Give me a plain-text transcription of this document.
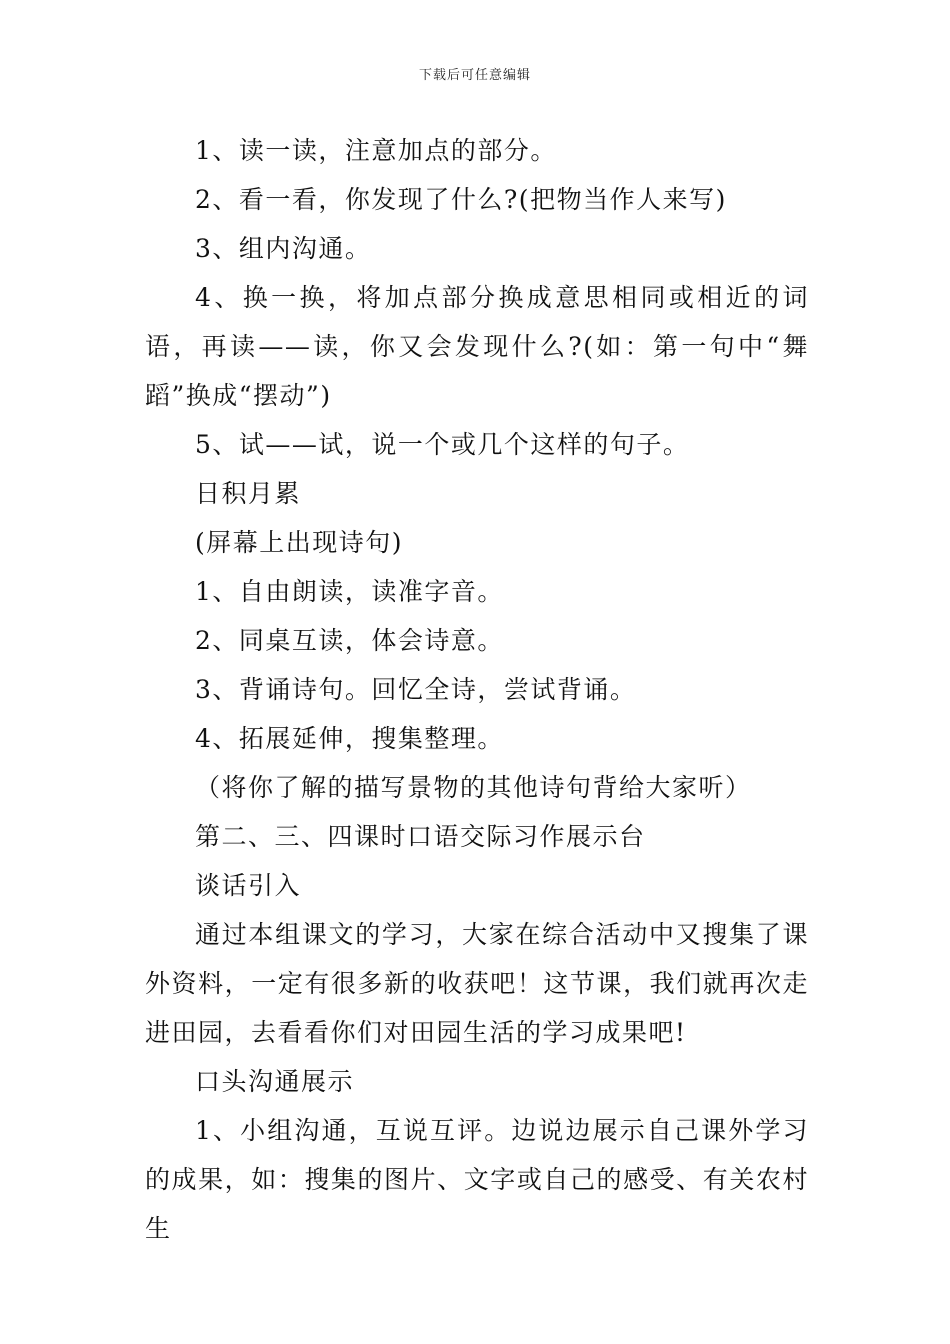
下载后可任意编辑

1、读一读，注意加点的部分。

2、看一看，你发现了什么?(把物当作人来写)

3、组内沟通。

4、换一换，将加点部分换成意思相同或相近的词语，再读——读，你又会发现什么?(如：第一句中“舞蹈”换成“摆动”)

5、试——试，说一个或几个这样的句子。

日积月累

(屏幕上出现诗句)

1、自由朗读，读准字音。

2、同桌互读，体会诗意。

3、背诵诗句。回忆全诗，尝试背诵。

4、拓展延伸，搜集整理。

（将你了解的描写景物的其他诗句背给大家听）

第二、三、四课时口语交际习作展示台

谈话引入

通过本组课文的学习，大家在综合活动中又搜集了课外资料，一定有很多新的收获吧！这节课，我们就再次走进田园，去看看你们对田园生活的学习成果吧!

口头沟通展示

1、小组沟通，互说互评。边说边展示自己课外学习的成果，如：搜集的图片、文字或自己的感受、有关农村生
